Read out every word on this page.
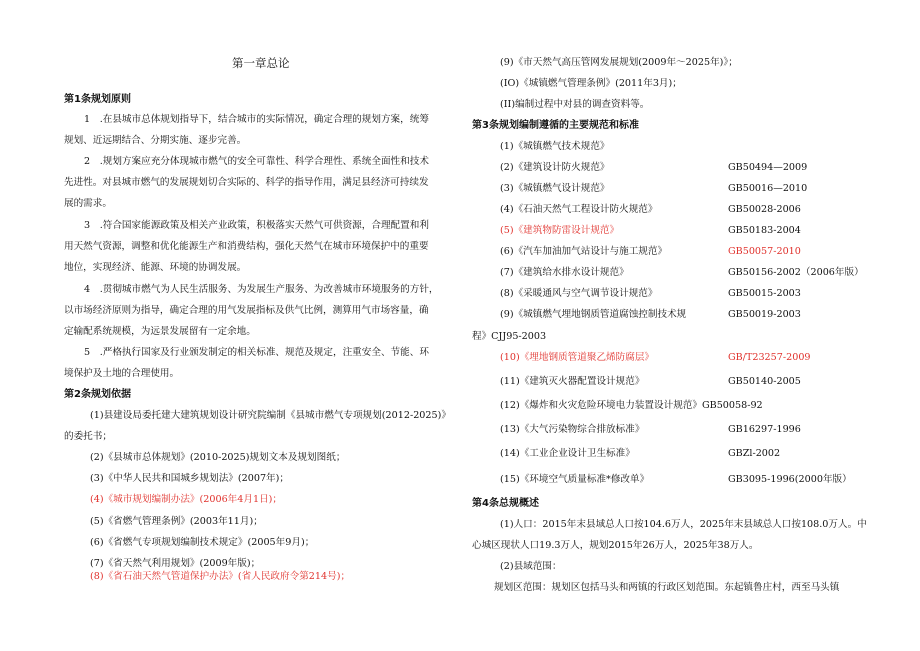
第一章总论
第1条规划原则
1　.在县城市总体规划指导下，结合城市的实际情况，确定合理的规划方案，统筹
规划、近远期结合、分期实施、逐步完善。
2　.规划方案应充分体现城市燃气的安全可靠性、科学合理性、系统全面性和技术
先进性。对县城市燃气的发展规划切合实际的、科学的指导作用，满足县经济可持续发
展的需求。
3　.符合国家能源政策及相关产业政策，积极落实天然气可供资源，合理配置和利
用天然气资源，调整和优化能源生产和消费结构，强化天然气在城市环境保护中的重要
地位，实现经济、能源、环境的协调发展。
4　.贯彻城市燃气为人民生活服务、为发展生产服务、为改善城市环境服务的方针，
以市场经济原则为指导，确定合理的用气发展指标及供气比例，测算用气市场容量，确
定输配系统规模，为远景发展留有一定余地。
5　.严格执行国家及行业颁发制定的相关标准、规范及规定，注重安全、节能、环
境保护及土地的合理使用。
第2条规划依据
(1)县建设局委托建大建筑规划设计研究院编制《县城市燃气专项规划(2012-2025)》
的委托书；
(2)《县城市总体规划》(2010-2025)规划文本及规划图纸；
(3)《中华人民共和国城乡规划法》(2007年)；
(4)《城市规划编制办法》(2006年4月1日)；
(5)《省燃气管理条例》(2003年11月)；
(6)《省燃气专项规划编制技术规定》(2005年9月)；
(7)《省天然气利用规划》(2009年版)；
(8)《省石油天然气管道保护办法》(省人民政府令第214号)；
(9)《市天然气高压管网发展规划(2009年〜2025年)》；
(IO)《城镇燃气管理条例》(2011年3月)；
(II)编制过程中对县的调查资料等。
第3条规划编制遵循的主要规范和标准
(1)《城镇燃气技术规范》
(2)《建筑设计防火规范》	GB50494—2009
(3)《城镇燃气设计规范》	GB50016—2010
(4)《石油天然气工程设计防火规范》	GB50028-2006
(5)《建筑物防雷设计规范》	GB50183-2004
(6)《汽车加油加气站设计与施工规范》	GB50057-2010
(7)《建筑给水排水设计规范》	GB50156-2002（2006年版）
(8)《采暖通风与空气调节设计规范》	GB50015-2003
(9)《城镇燃气埋地钢质管道腐蚀控制技术规	GB50019-2003
程》CJJ95-2003
(10)《埋地钢质管道聚乙烯防腐层》	GB/T23257-2009
(11)《建筑灭火器配置设计规范》	GB50140-2005
(12)《爆炸和火灾危险环境电力装置设计规范》GB50058-92
(13)《大气污染物综合排放标准》	GB16297-1996
(14)《工业企业设计卫生标准》	GBZl-2002
(15)《环境空气质量标准*修改单》	GB3095-1996(2000年版）
第4条总规概述
(1)人口：2015年末县域总人口按104.6万人，2025年末县域总人口按108.0万人。中
心城区现状人口19.3万人，规划2015年26万人，2025年38万人。
(2)县域范围：
规划区范围：规划区包括马头和两镇的行政区划范围。东起镇鲁庄村，西至马头镇
